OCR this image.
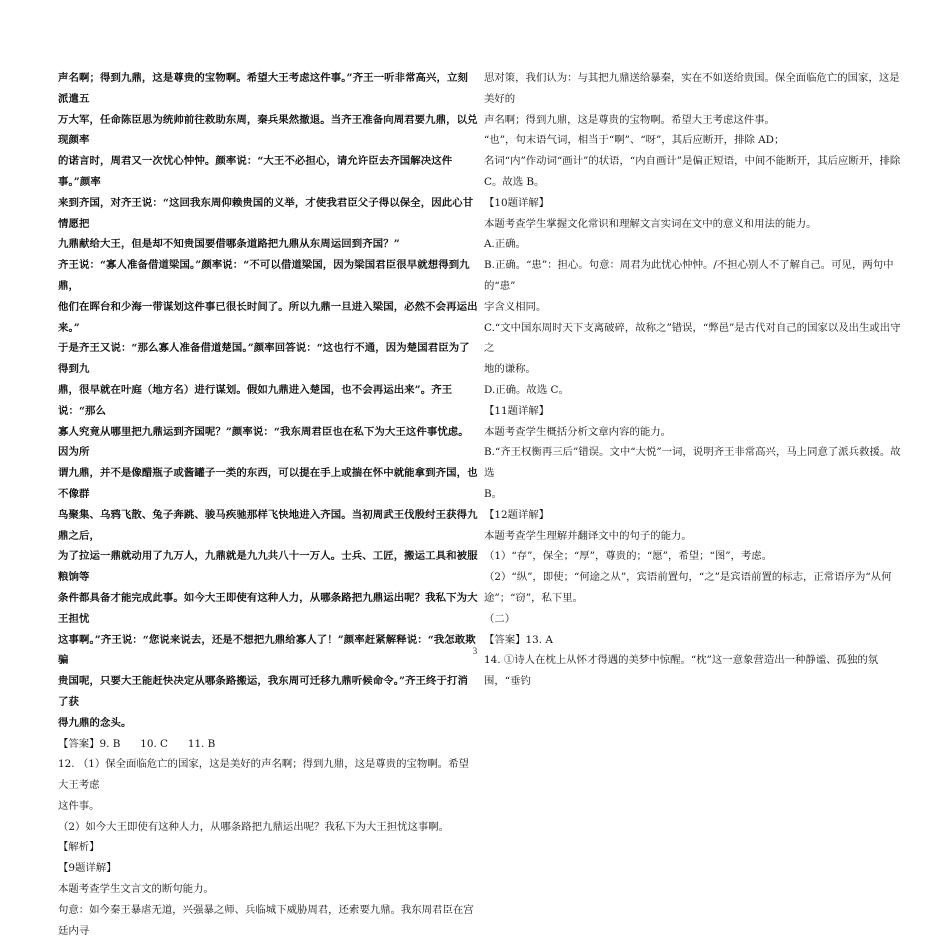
声名啊；得到九鼎，这是尊贵的宝物啊。希望大王考虑这件事。”齐王一听非常高兴，立刻派遣五

万大军，任命陈臣思为统帅前往救助东周，秦兵果然撤退。当齐王准备向周君要九鼎，以兑现颜率

的诺言时，周君又一次忧心忡忡。颜率说：“大王不必担心，请允许臣去齐国解决这件事。”颜率

来到齐国，对齐王说：“这回我东周仰赖贵国的义举，才使我君臣父子得以保全，因此心甘情愿把

九鼎献给大王，但是却不知贵国要借哪条道路把九鼎从东周运回到齐国？”

齐王说：“寡人准备借道梁国。”颜率说：“不可以借道梁国，因为梁国君臣很早就想得到九鼎，

他们在晖台和少海一带谋划这件事已很长时间了。所以九鼎一旦进入梁国，必然不会再运出来。”

于是齐王又说：“那么寡人准备借道楚国。”颜率回答说：“这也行不通，因为楚国君臣为了得到九

鼎，很早就在叶庭（地方名）进行谋划。假如九鼎进入楚国，也不会再运出来”。齐王说：“那么

寡人究竟从哪里把九鼎运到齐国呢？”颜率说：“我东周君臣也在私下为大王这件事忧虑。因为所

谓九鼎，并不是像醋瓶子或酱罐子一类的东西，可以提在手上或揣在怀中就能拿到齐国，也不像群

鸟聚集、乌鸦飞散、兔子奔跳、骏马疾驰那样飞快地进入齐国。当初周武王伐殷纣王获得九鼎之后，

为了拉运一鼎就动用了九万人，九鼎就是九九共八十一万人。士兵、工匠，搬运工具和被服粮饷等

条件都具备才能完成此事。如今大王即使有这种人力，从哪条路把九鼎运出呢？我私下为大王担忧

这事啊。”齐王说：“您说来说去，还是不想把九鼎给寡人了！”颜率赶紧解释说：“我怎敢欺骗

贵国呢，只要大王能赶快决定从哪条路搬运，我东周可迁移九鼎听候命令。”齐王终于打消了获

得九鼎的念头。

【答案】9. B      10. C      11. B

12. （1）保全面临危亡的国家，这是美好的声名啊；得到九鼎，这是尊贵的宝物啊。希望大王考虑

这件事。

（2）如今大王即使有这种人力，从哪条路把九鼎运出呢？我私下为大王担忧这事啊。

【解析】

【9题详解】

本题考查学生文言文的断句能力。

句意：如今秦王暴虐无道，兴强暴之师、兵临城下威胁周君，还索要九鼎。我东周君臣在宫廷内寻

思对策，我们认为：与其把九鼎送给暴秦，实在不如送给贵国。保全面临危亡的国家，这是美好的

声名啊；得到九鼎，这是尊贵的宝物啊。希望大王考虑这件事。

“也”，句末语气词，相当于“啊”、“呀”，其后应断开，排除 AD；

名词“内”作动词“画计”的状语，“内自画计”是偏正短语，中间不能断开，其后应断开，排除

C。故选 B。

【10题详解】

本题考查学生掌握文化常识和理解文言实词在文中的意义和用法的能力。

A.正确。

B.正确。“患”：担心。句意：周君为此忧心忡忡。/不担心别人不了解自己。可见，两句中的“患”

字含义相同。

C.“文中国东周时天下支离破碎，故称之”错误，“弊邑”是古代对自己的国家以及出生或出守之

地的谦称。

D.正确。故选 C。

【11题详解】

本题考查学生概括分析文章内容的能力。

B.“齐王权衡再三后”错误。文中“大悦”一词，说明齐王非常高兴，马上同意了派兵救援。故选

B。

【12题详解】

本题考查学生理解并翻译文中的句子的能力。

（1）“存”，保全；“厚”，尊贵的；“愿”，希望；“图”，考虑。

（2）“纵”，即使；“何途之从”，宾语前置句，“之”是宾语前置的标志，正常语序为“从何

途”；“窃”，私下里。

（二）

【答案】13. A

14. ①诗人在枕上从怀才得遇的美梦中惊醒。“枕”这一意象营造出一种静谧、孤独的氛围，“垂钓

3
